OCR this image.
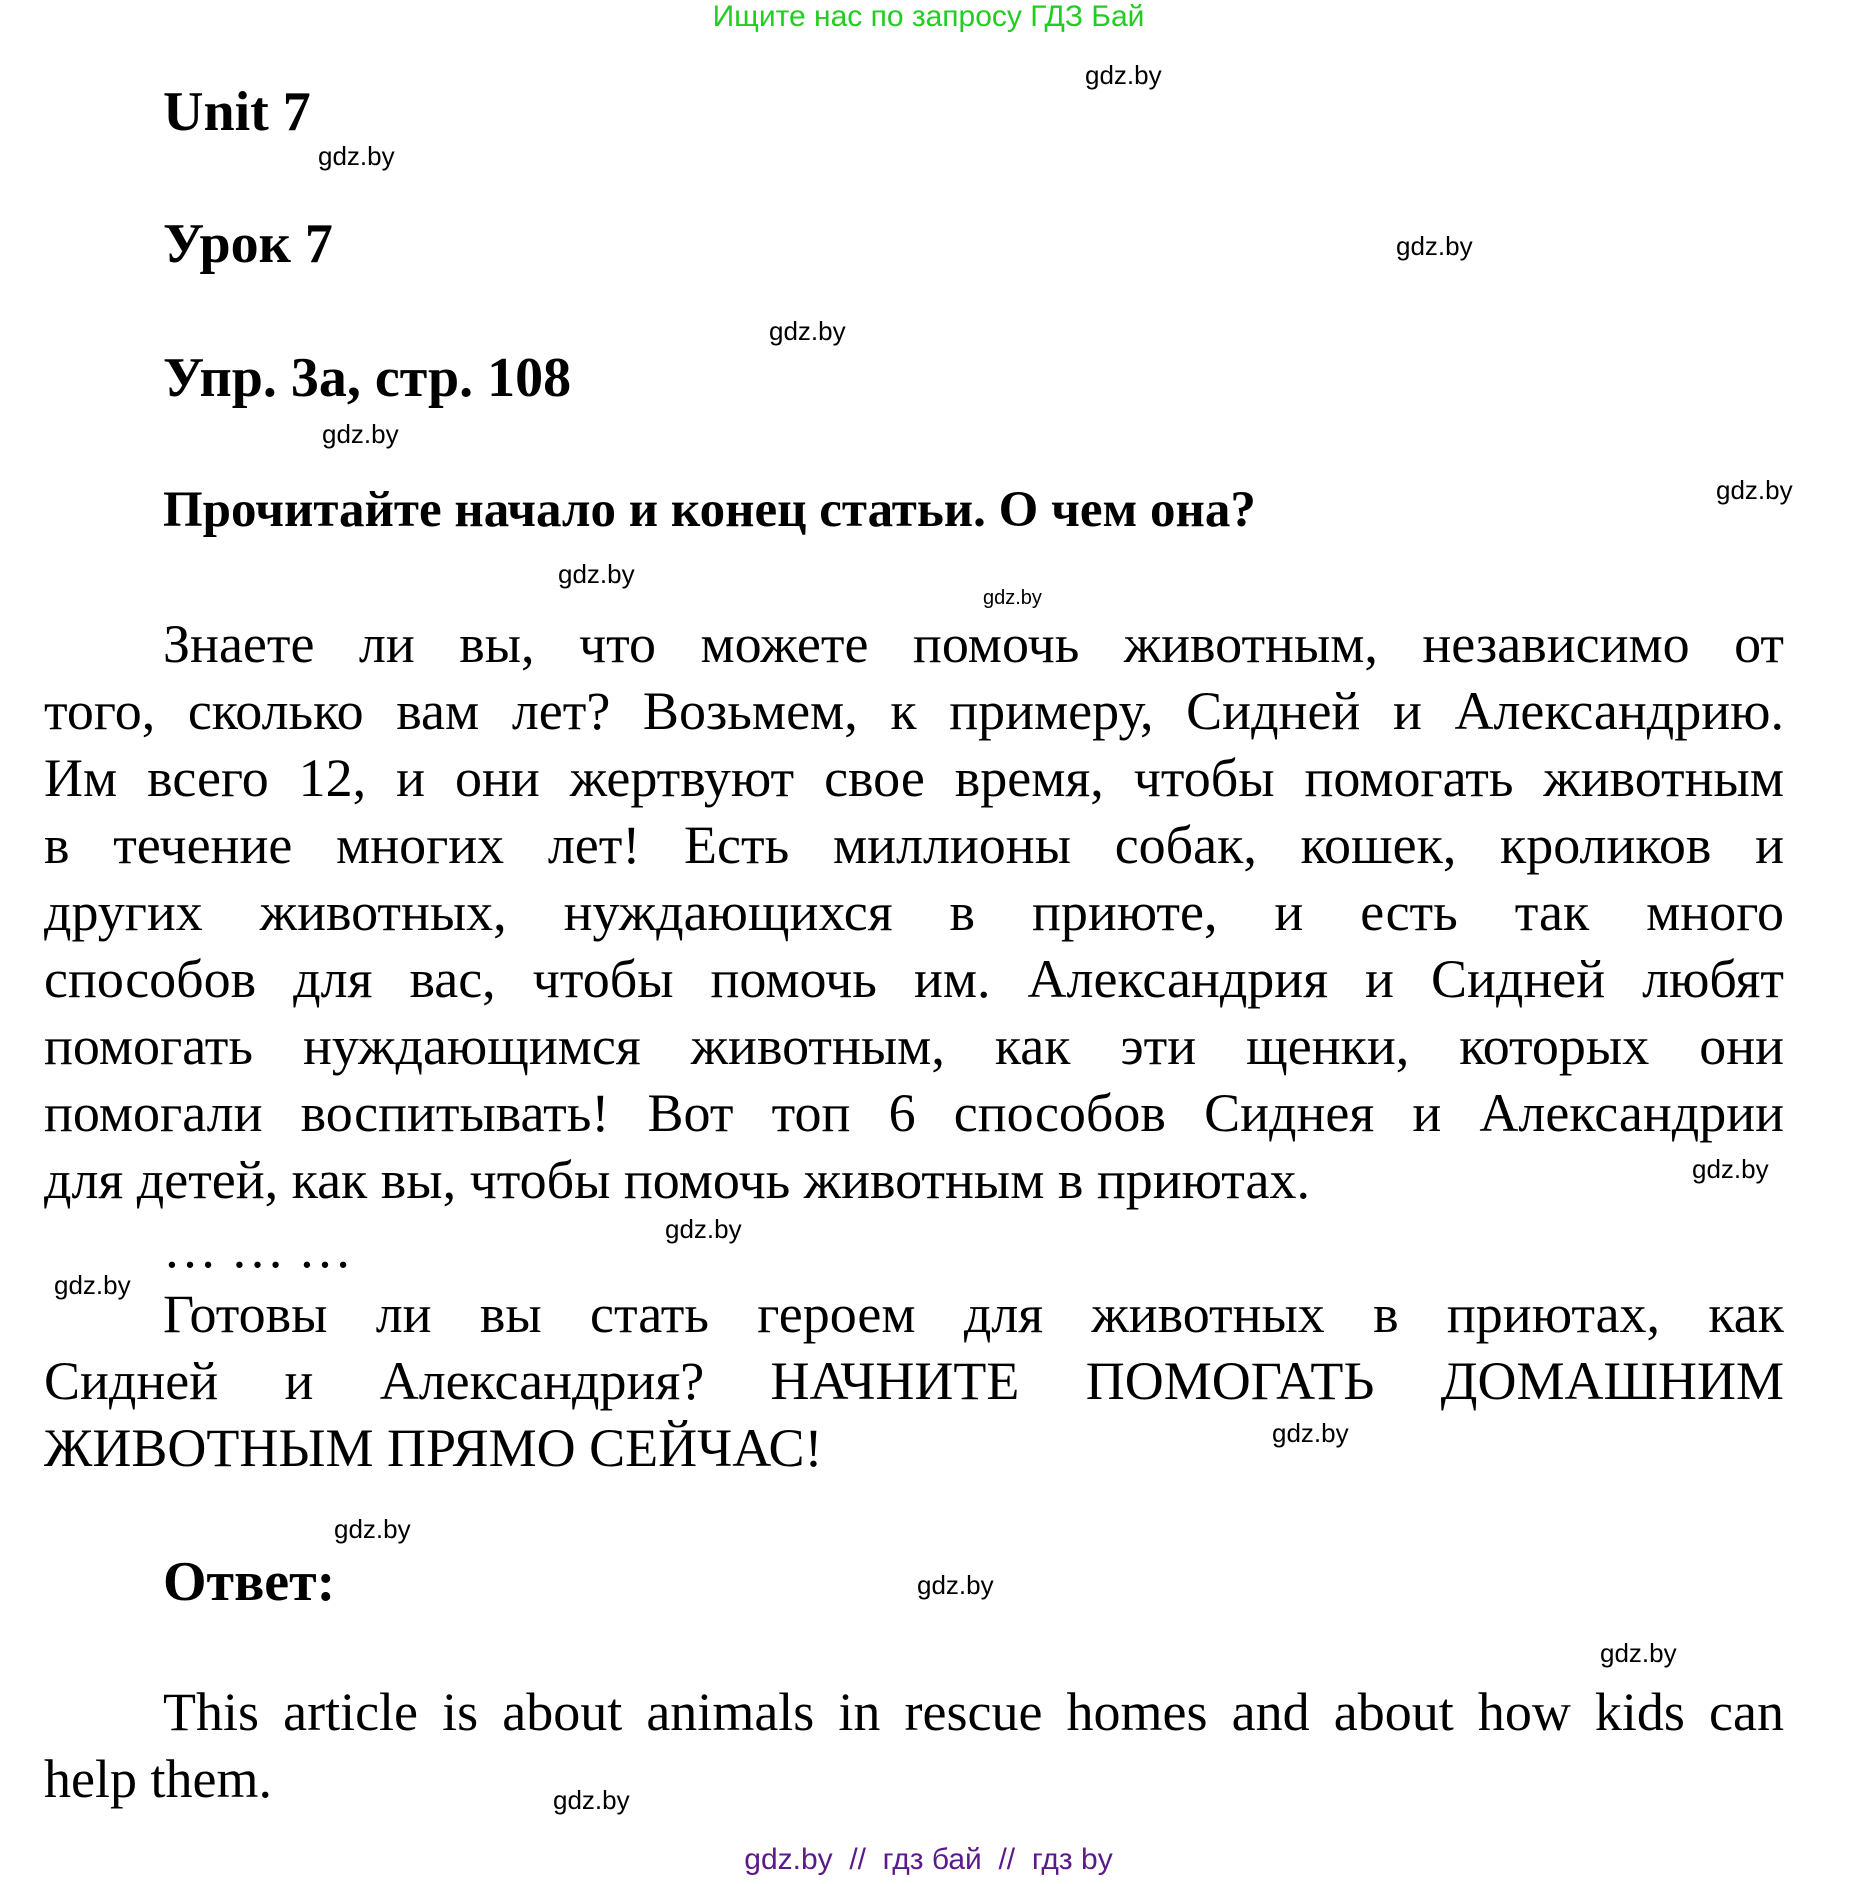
Ищите нас по запросу ГДЗ Бай
Unit 7
Урок 7
Упр. 3а, стр. 108
Прочитайте начало и конец статьи. О чем она?
Знаете ли вы, что можете помочь животным, независимо от
того, сколько вам лет? Возьмем, к примеру, Сидней и Александрию.
Им всего 12, и они жертвуют свое время, чтобы помогать животным
в течение многих лет! Есть миллионы собак, кошек, кроликов и
других животных, нуждающихся в приюте, и есть так много
способов для вас, чтобы помочь им. Александрия и Сидней любят
помогать нуждающимся животным, как эти щенки, которых они
помогали воспитывать! Вот топ 6 способов Сиднея и Александрии
для детей, как вы, чтобы помочь животным в приютах.
… … …
Готовы ли вы стать героем для животных в приютах, как
Сидней и Александрия? НАЧНИТЕ ПОМОГАТЬ ДОМАШНИМ
ЖИВОТНЫМ ПРЯМО СЕЙЧАС!
Ответ:
This article is about animals in rescue homes and about how kids can
help them.
gdz.by
gdz.by
gdz.by
gdz.by
gdz.by
gdz.by
gdz.by
gdz.by
gdz.by
gdz.by
gdz.by
gdz.by
gdz.by
gdz.by
gdz.by
gdz.by
gdz.by  //  гдз бай  //  гдз by
